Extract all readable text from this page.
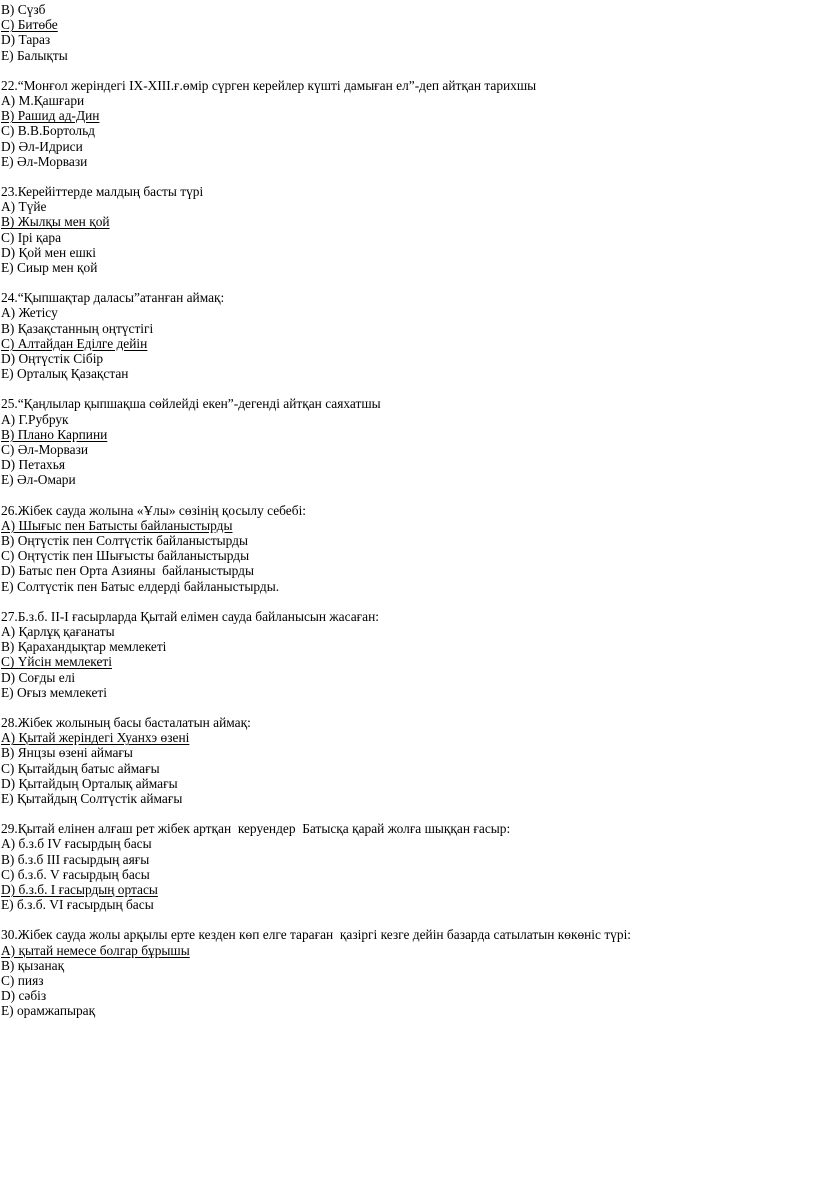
B) Сүзб
C) Битөбе
D) Тараз
E) Балықты
22.“Монғол жеріндегі IX-XIII.ғ.өмір сүрген керейлер күшті дамыған ел”-деп айтқан тарихшы
A) М.Қашғари
B) Рашид ад-Дин
C) В.В.Бортольд
D) Әл-Идриси
E) Әл-Морвази
23.Керейіттерде малдың басты түрі
A) Түйе
B) Жылқы мен қой
C) Ірі қара
D) Қой мен ешкі
E) Сиыр мен қой
24.“Қыпшақтар даласы”атанған аймақ:
A) Жетісу
B) Қазақстанның оңтүстігі
C) Алтайдан Еділге дейін
D) Оңтүстік Сібір
E) Орталық Қазақстан
25.“Қаңлылар қыпшақша сөйлейді екен”-дегенді айтқан саяхатшы
A) Г.Рубрук
B) Плано Карпини
C) Әл-Морвази
D) Петахья
E) Әл-Омари
26.Жібек сауда жолына «Ұлы» сөзінің қосылу себебі:
A) Шығыс пен Батысты байланыстырды
B) Оңтүстік пен Солтүстік байланыстырды
C) Оңтүстік пен Шығысты байланыстырды
D) Батыс пен Орта Азияны  байланыстырды
E) Солтүстік пен Батыс елдерді байланыстырды.
27.Б.з.б. II-I ғасырларда Қытай елімен сауда байланысын жасаған:
A) Қарлұқ қағанаты
B) Қарахандықтар мемлекеті
C) Үйсін мемлекеті
D) Соғды елі
E) Оғыз мемлекеті
28.Жібек жолының басы басталатын аймақ:
A) Қытай жеріндегі Хуанхэ өзені
B) Янцзы өзені аймағы
C) Қытайдың батыс аймағы
D) Қытайдың Орталық аймағы
E) Қытайдың Солтүстік аймағы
29.Қытай елінен алғаш рет жібек артқан  керуендер  Батысқа қарай жолға шыққан ғасыр:
A) б.з.б IV ғасырдың басы
B) б.з.б III ғасырдың аяғы
C) б.з.б. V ғасырдың басы
D) б.з.б. I ғасырдың ортасы
E) б.з.б. VI ғасырдың басы
30.Жібек сауда жолы арқылы ерте кезден көп елге тараған  қазіргі кезге дейін базарда сатылатын көкөніс түрі:
A) қытай немесе болгар бұрышы
B) қызанақ
C) пияз
D) сәбіз
E) орамжапырақ
